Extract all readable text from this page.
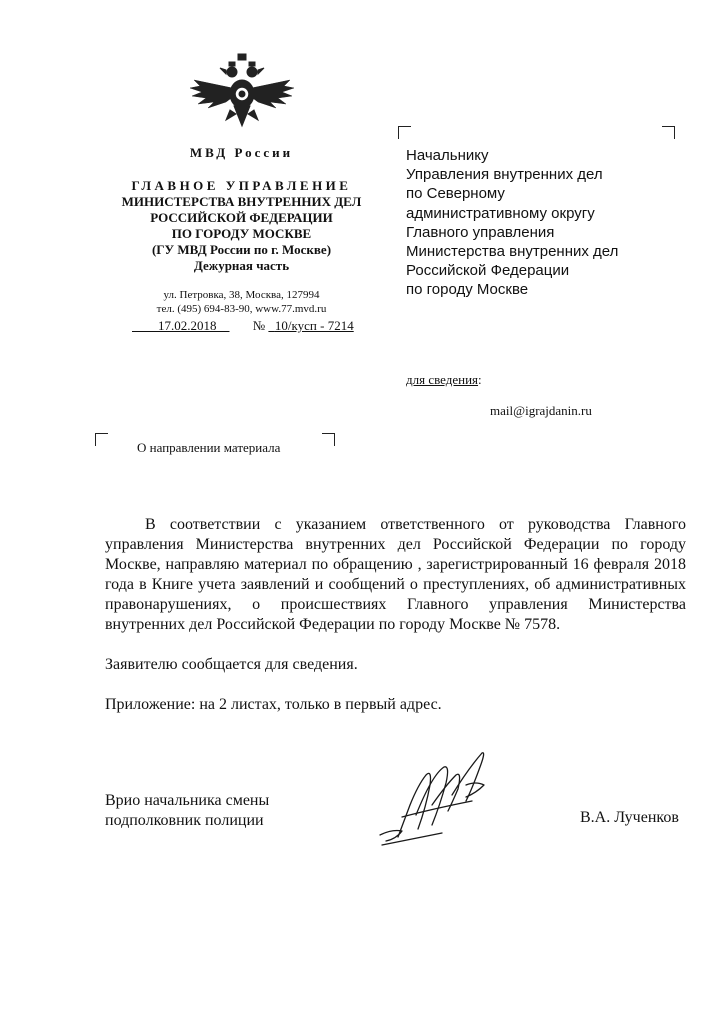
МВД России
ГЛАВНОЕ УПРАВЛЕНИЕ
МИНИСТЕРСТВА ВНУТРЕННИХ ДЕЛ
РОССИЙСКОЙ ФЕДЕРАЦИИ
ПО ГОРОДУ МОСКВЕ
(ГУ МВД России по г. Москве)
Дежурная часть
ул. Петровка, 38, Москва, 127994
тел. (495) 694-83-90, www.77.mvd.ru
17.02.2018	№ 10/кусп - 7214
Начальнику
Управления внутренних дел
по Северному
административному округу
Главного управления
Министерства внутренних дел
Российской Федерации
по городу Москве
для сведения:
mail@igrajdanin.ru
О направлении материала

В соответствии с указанием ответственного от руководства Главного управления Министерства внутренних дел Российской Федерации по городу Москве, направляю материал по обращению , зарегистрированный 16 февраля 2018 года в Книге учета заявлений и сообщений о преступлениях, об административных правонарушениях, о происшествиях Главного управления Министерства внутренних дел Российской Федерации по городу Москве № 7578.

Заявителю сообщается для сведения.

Приложение: на 2 листах, только в первый адрес.

Врио начальника смены
подполковник полиции	В.А. Лученков
